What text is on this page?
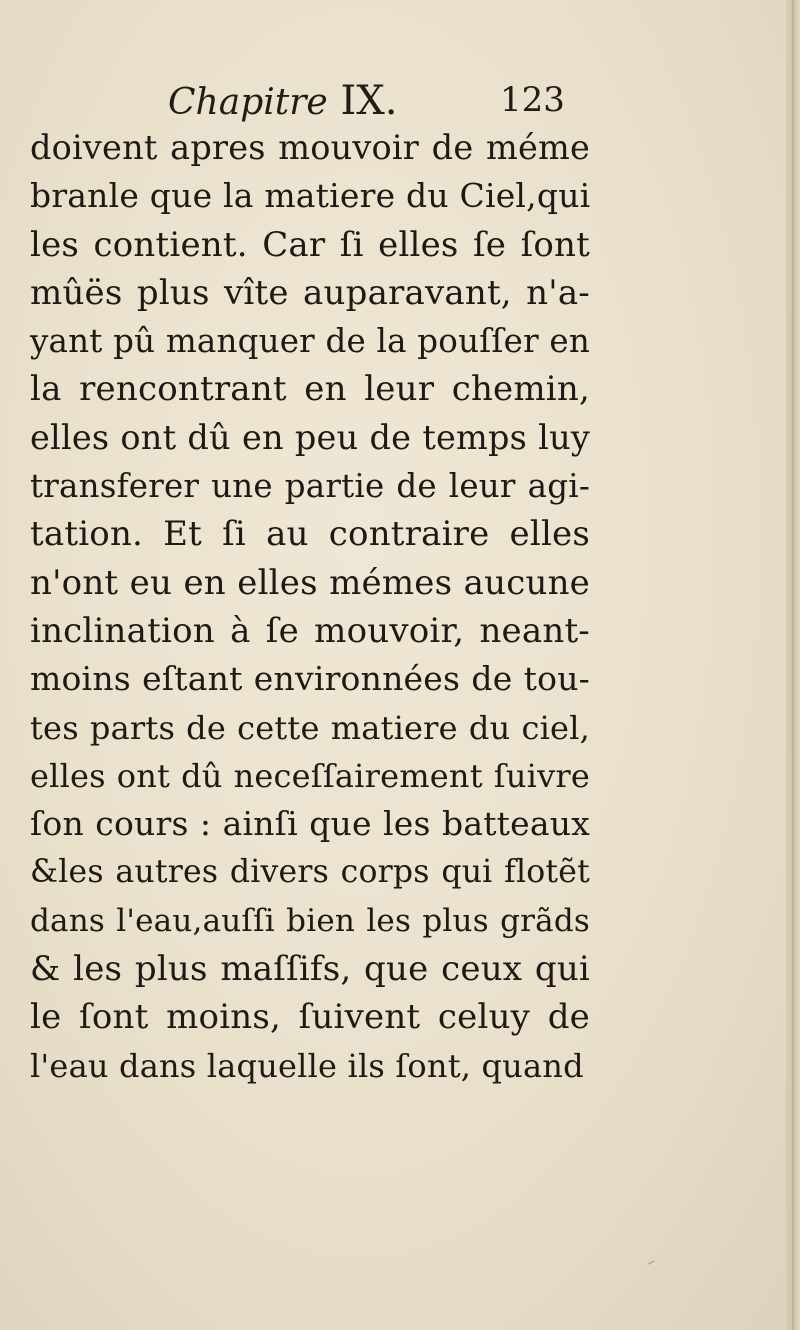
Chapitre IX.	123
doivent apres mouvoir de méme
branle que la matiere du Ciel,qui
les contient. Car ſi elles ſe ſont
mûës plus vîte auparavant, n'a-
yant pû manquer de la pouſſer en
la rencontrant en leur chemin,
elles ont dû en peu de temps luy
transferer une partie de leur agi-
tation. Et ſi au contraire elles
n'ont eu en elles mémes aucune
inclination à ſe mouvoir, neant-
moins eſtant environnées de tou-
tes parts de cette matiere du ciel,
elles ont dû neceſſairement ſuivre
ſon cours : ainſi que les batteaux
&les autres divers corps qui flotẽt
dans l'eau,auſſi bien les plus grãds
& les plus maſſifs, que ceux qui
le ſont moins, ſuivent celuy de
l'eau dans laquelle ils ſont, quand
